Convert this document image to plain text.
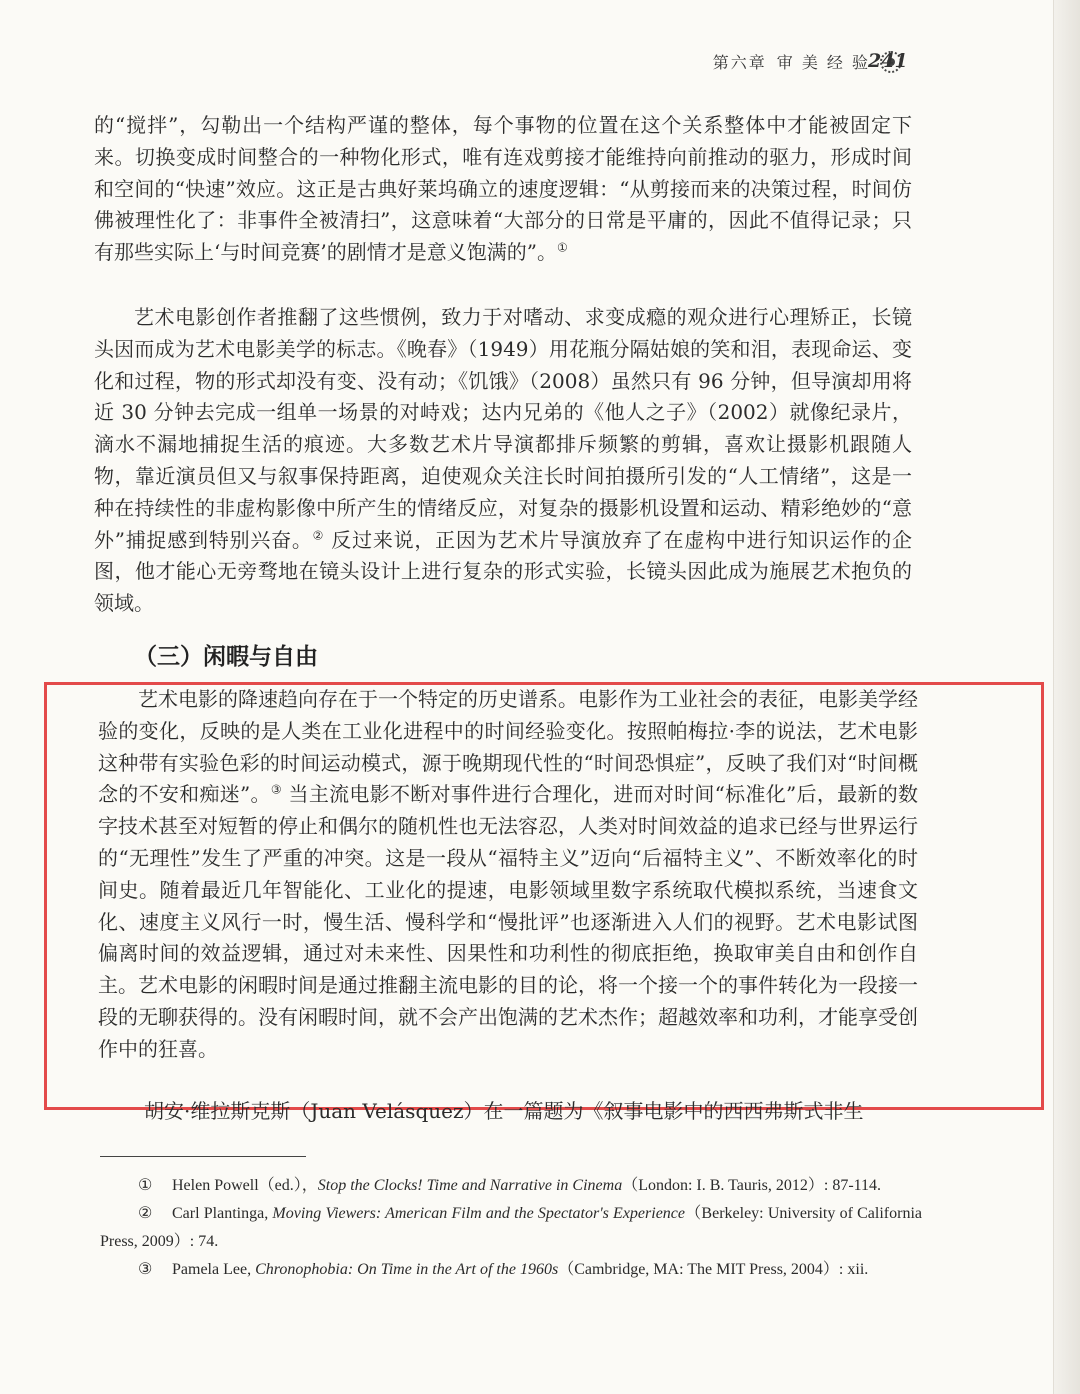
第六章 审 美 经 验
241
的“搅拌”，勾勒出一个结构严谨的整体，每个事物的位置在这个关系整体中才能被固定下来。切换变成时间整合的一种物化形式，唯有连戏剪接才能维持向前推动的驱力，形成时间和空间的“快速”效应。这正是古典好莱坞确立的速度逻辑：“从剪接而来的决策过程，时间仿佛被理性化了：非事件全被清扫”，这意味着“大部分的日常是平庸的，因此不值得记录；只有那些实际上‘与时间竞赛’的剧情才是意义饱满的”。①
艺术电影创作者推翻了这些惯例，致力于对嗜动、求变成瘾的观众进行心理矫正，长镜头因而成为艺术电影美学的标志。《晚春》（1949）用花瓶分隔姑娘的笑和泪，表现命运、变化和过程，物的形式却没有变、没有动；《饥饿》（2008）虽然只有 96 分钟，但导演却用将近 30 分钟去完成一组单一场景的对峙戏；达内兄弟的《他人之子》（2002）就像纪录片，滴水不漏地捕捉生活的痕迹。大多数艺术片导演都排斥频繁的剪辑，喜欢让摄影机跟随人物，靠近演员但又与叙事保持距离，迫使观众关注长时间拍摄所引发的“人工情绪”，这是一种在持续性的非虚构影像中所产生的情绪反应，对复杂的摄影机设置和运动、精彩绝妙的“意外”捕捉感到特别兴奋。② 反过来说，正因为艺术片导演放弃了在虚构中进行知识运作的企图，他才能心无旁骛地在镜头设计上进行复杂的形式实验，长镜头因此成为施展艺术抱负的领域。
（三）闲暇与自由
艺术电影的降速趋向存在于一个特定的历史谱系。电影作为工业社会的表征，电影美学经验的变化，反映的是人类在工业化进程中的时间经验变化。按照帕梅拉·李的说法，艺术电影这种带有实验色彩的时间运动模式，源于晚期现代性的“时间恐惧症”，反映了我们对“时间概念的不安和痴迷”。③ 当主流电影不断对事件进行合理化，进而对时间“标准化”后，最新的数字技术甚至对短暂的停止和偶尔的随机性也无法容忍，人类对时间效益的追求已经与世界运行的“无理性”发生了严重的冲突。这是一段从“福特主义”迈向“后福特主义”、不断效率化的时间史。随着最近几年智能化、工业化的提速，电影领域里数字系统取代模拟系统，当速食文化、速度主义风行一时，慢生活、慢科学和“慢批评”也逐渐进入人们的视野。艺术电影试图偏离时间的效益逻辑，通过对未来性、因果性和功利性的彻底拒绝，换取审美自由和创作自主。艺术电影的闲暇时间是通过推翻主流电影的目的论，将一个接一个的事件转化为一段接一段的无聊获得的。没有闲暇时间，就不会产出饱满的艺术杰作；超越效率和功利，才能享受创作中的狂喜。
胡安·维拉斯克斯（Juan Velásquez）在一篇题为《叙事电影中的西西弗斯式非生
① Helen Powell（ed.），Stop the Clocks! Time and Narrative in Cinema（London: I. B. Tauris, 2012）: 87-114.
② Carl Plantinga, Moving Viewers: American Film and the Spectator's Experience（Berkeley: University of California Press, 2009）: 74.
③ Pamela Lee, Chronophobia: On Time in the Art of the 1960s（Cambridge, MA: The MIT Press, 2004）: xii.
